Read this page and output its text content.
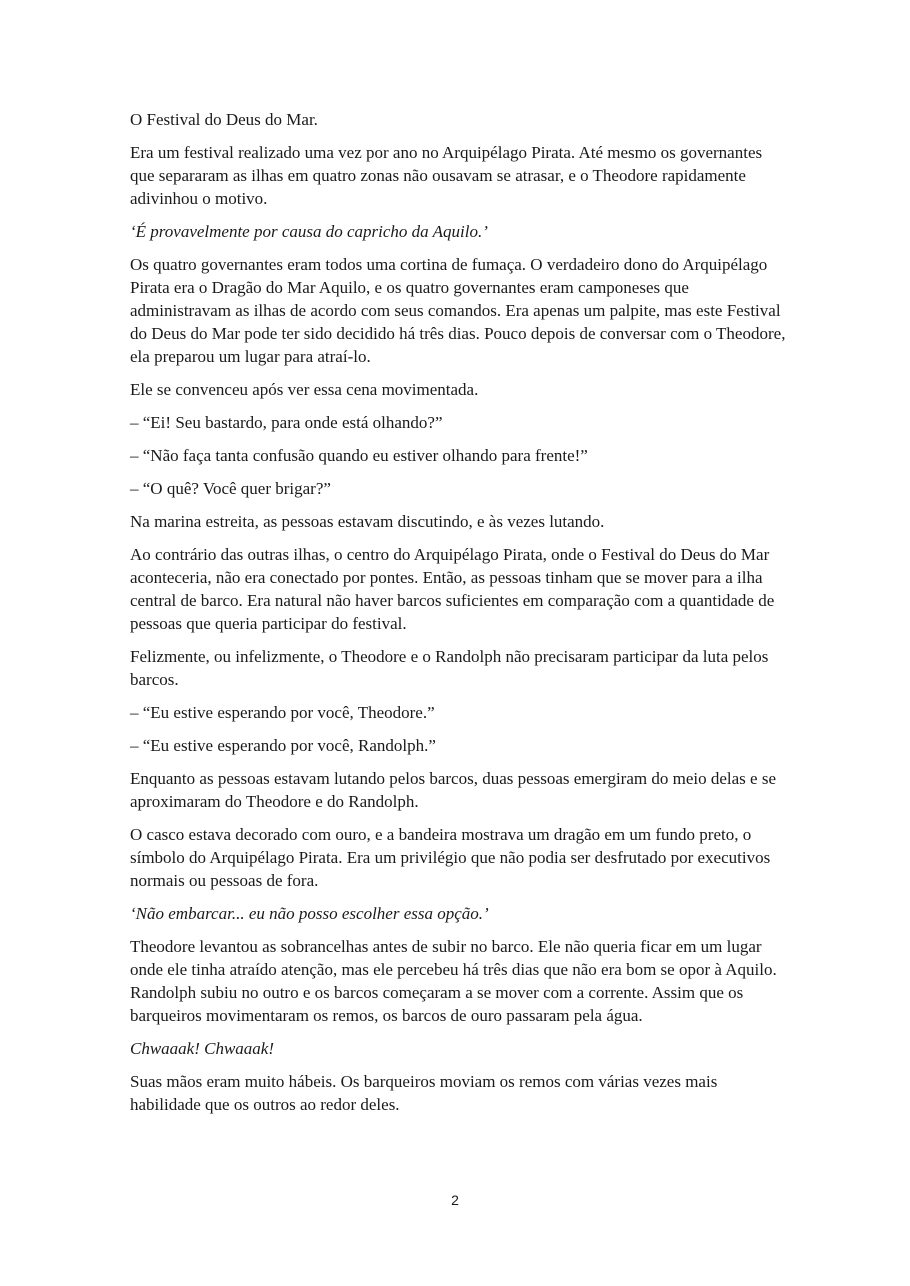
O Festival do Deus do Mar.

Era um festival realizado uma vez por ano no Arquipélago Pirata. Até mesmo os governantes que separaram as ilhas em quatro zonas não ousavam se atrasar, e o Theodore rapidamente adivinhou o motivo.

‘É provavelmente por causa do capricho da Aquilo.’

Os quatro governantes eram todos uma cortina de fumaça. O verdadeiro dono do Arquipélago Pirata era o Dragão do Mar Aquilo, e os quatro governantes eram camponeses que administravam as ilhas de acordo com seus comandos. Era apenas um palpite, mas este Festival do Deus do Mar pode ter sido decidido há três dias. Pouco depois de conversar com o Theodore, ela preparou um lugar para atraí-lo.

Ele se convenceu após ver essa cena movimentada.

– “Ei! Seu bastardo, para onde está olhando?”

– “Não faça tanta confusão quando eu estiver olhando para frente!”

– “O quê? Você quer brigar?”

Na marina estreita, as pessoas estavam discutindo, e às vezes lutando.

Ao contrário das outras ilhas, o centro do Arquipélago Pirata, onde o Festival do Deus do Mar aconteceria, não era conectado por pontes. Então, as pessoas tinham que se mover para a ilha central de barco. Era natural não haver barcos suficientes em comparação com a quantidade de pessoas que queria participar do festival.

Felizmente, ou infelizmente, o Theodore e o Randolph não precisaram participar da luta pelos barcos.

– “Eu estive esperando por você, Theodore.”

– “Eu estive esperando por você, Randolph.”

Enquanto as pessoas estavam lutando pelos barcos, duas pessoas emergiram do meio delas e se aproximaram do Theodore e do Randolph.

O casco estava decorado com ouro, e a bandeira mostrava um dragão em um fundo preto, o símbolo do Arquipélago Pirata. Era um privilégio que não podia ser desfrutado por executivos normais ou pessoas de fora.

‘Não embarcar... eu não posso escolher essa opção.’

Theodore levantou as sobrancelhas antes de subir no barco. Ele não queria ficar em um lugar onde ele tinha atraído atenção, mas ele percebeu há três dias que não era bom se opor à Aquilo. Randolph subiu no outro e os barcos começaram a se mover com a corrente. Assim que os barqueiros movimentaram os remos, os barcos de ouro passaram pela água.

Chwaaak! Chwaaak!

Suas mãos eram muito hábeis. Os barqueiros moviam os remos com várias vezes mais habilidade que os outros ao redor deles.

2
